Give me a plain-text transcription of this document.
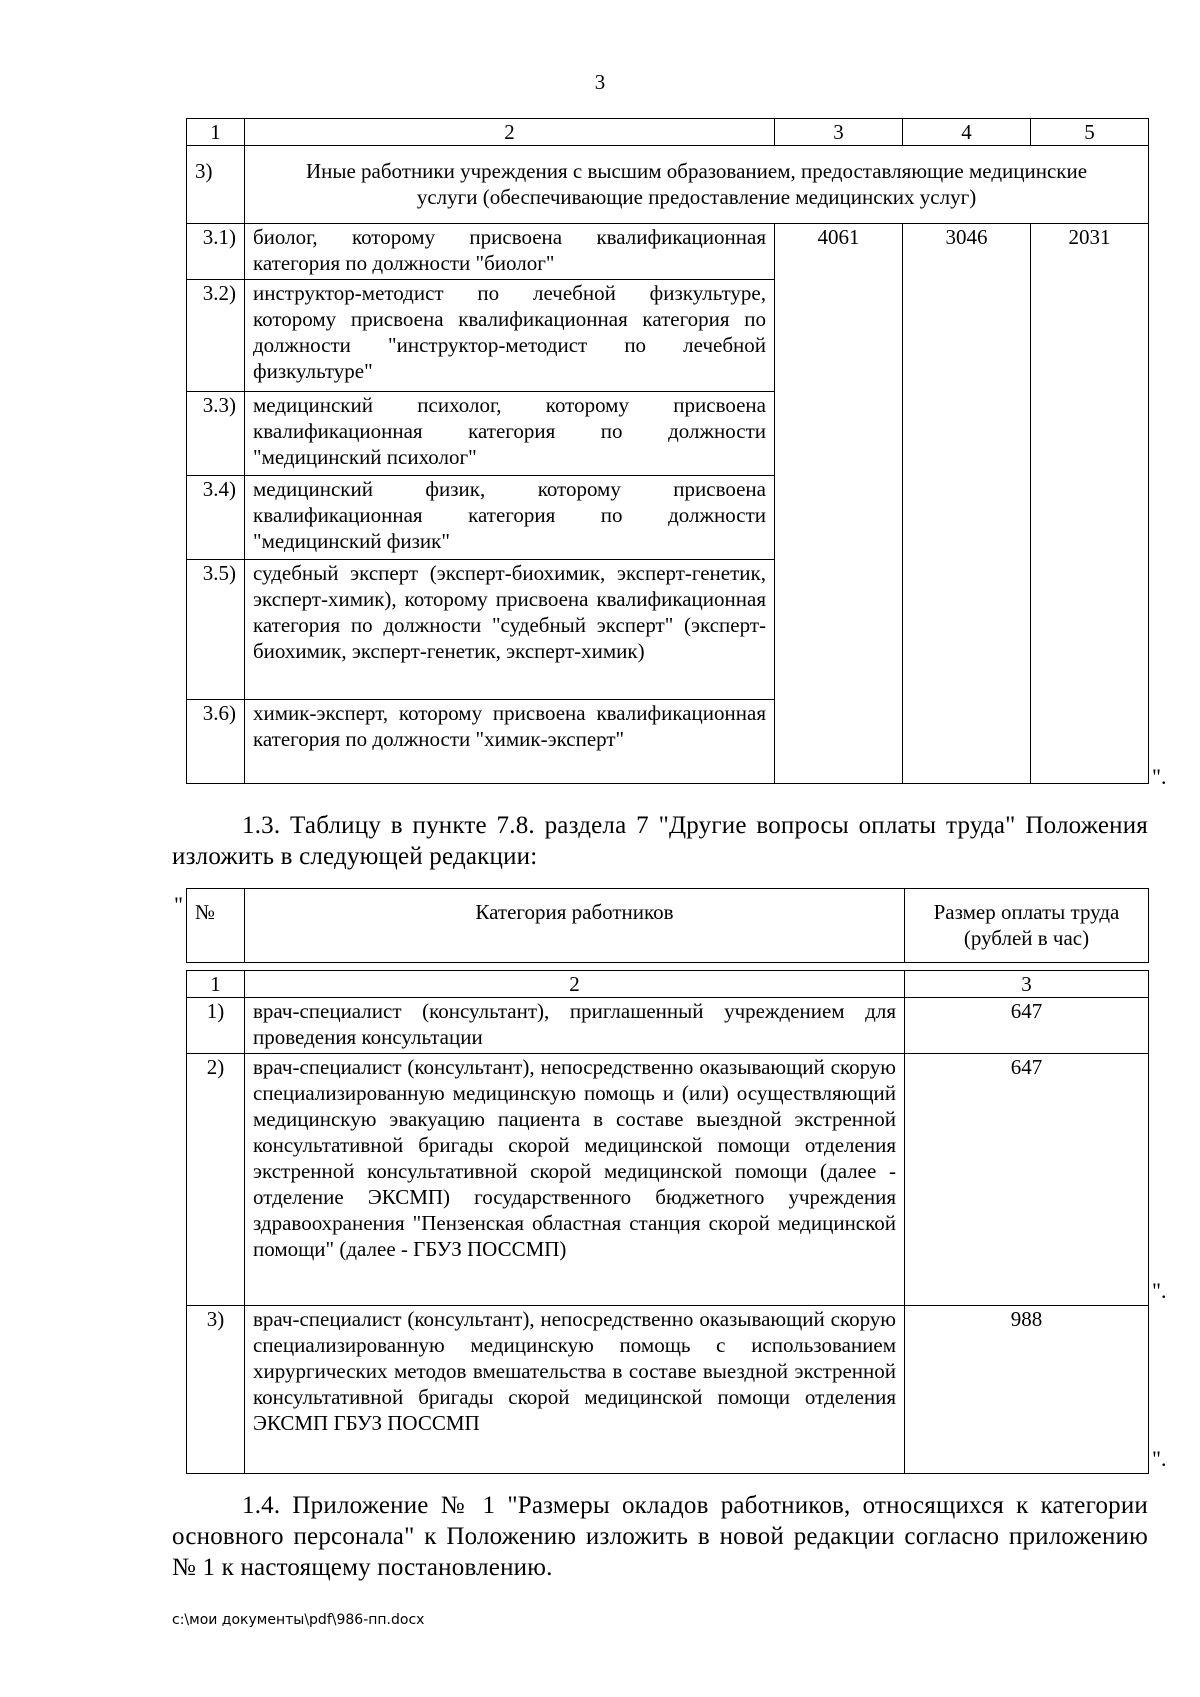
3
1	2	3	4	5
3)	Иные работники учреждения с высшим образованием, предоставляющие медицинские услуги (обеспечивающие предоставление медицинских услуг)			
3.1)	биолог, которому присвоена квалификационная категория по должности "биолог"	4061	3046	2031
3.2)	инструктор-методист по лечебной физкультуре, которому присвоена квалификационная категория по должности "инструктор-методист по лечебной физкультуре"			
3.3)	медицинский психолог, которому присвоена квалификационная категория по должности "медицинский психолог"			
3.4)	медицинский физик, которому присвоена квалификационная категория по должности "медицинский физик"			
3.5)	судебный эксперт (эксперт-биохимик, эксперт-генетик, эксперт-химик), которому присвоена квалификационная категория по должности "судебный эксперт" (эксперт-биохимик, эксперт-генетик, эксперт-химик)			
3.6)	химик-эксперт, которому присвоена квалификационная категория по должности "химик-эксперт"			
".
1.3. Таблицу в пункте 7.8. раздела 7 "Другие вопросы оплаты труда" Положения изложить в следующей редакции:
" №	Категория работников	Размер оплаты труда (рублей в час)
1	2	3
1)	врач-специалист (консультант), приглашенный учреждением для проведения консультации	647
2)	врач-специалист (консультант), непосредственно оказывающий скорую специализированную медицинскую помощь и (или) осуществляющий медицинскую эвакуацию пациента в составе выездной экстренной консультативной бригады скорой медицинской помощи отделения экстренной консультативной скорой медицинской помощи (далее - отделение ЭКСМП) государственного бюджетного учреждения здравоохранения "Пензенская областная станция скорой медицинской помощи" (далее - ГБУЗ ПОССМП)	647
3)	врач-специалист (консультант), непосредственно оказывающий скорую специализированную медицинскую помощь с использованием хирургических методов вмешательства в составе выездной экстренной консультативной бригады скорой медицинской помощи отделения ЭКСМП ГБУЗ ПОССМП	988
".
".
1.4. Приложение № 1 "Размеры окладов работников, относящихся к категории основного персонала" к Положению изложить в новой редакции согласно приложению № 1 к настоящему постановлению.
c:\мои документы\pdf\986-пп.docx
